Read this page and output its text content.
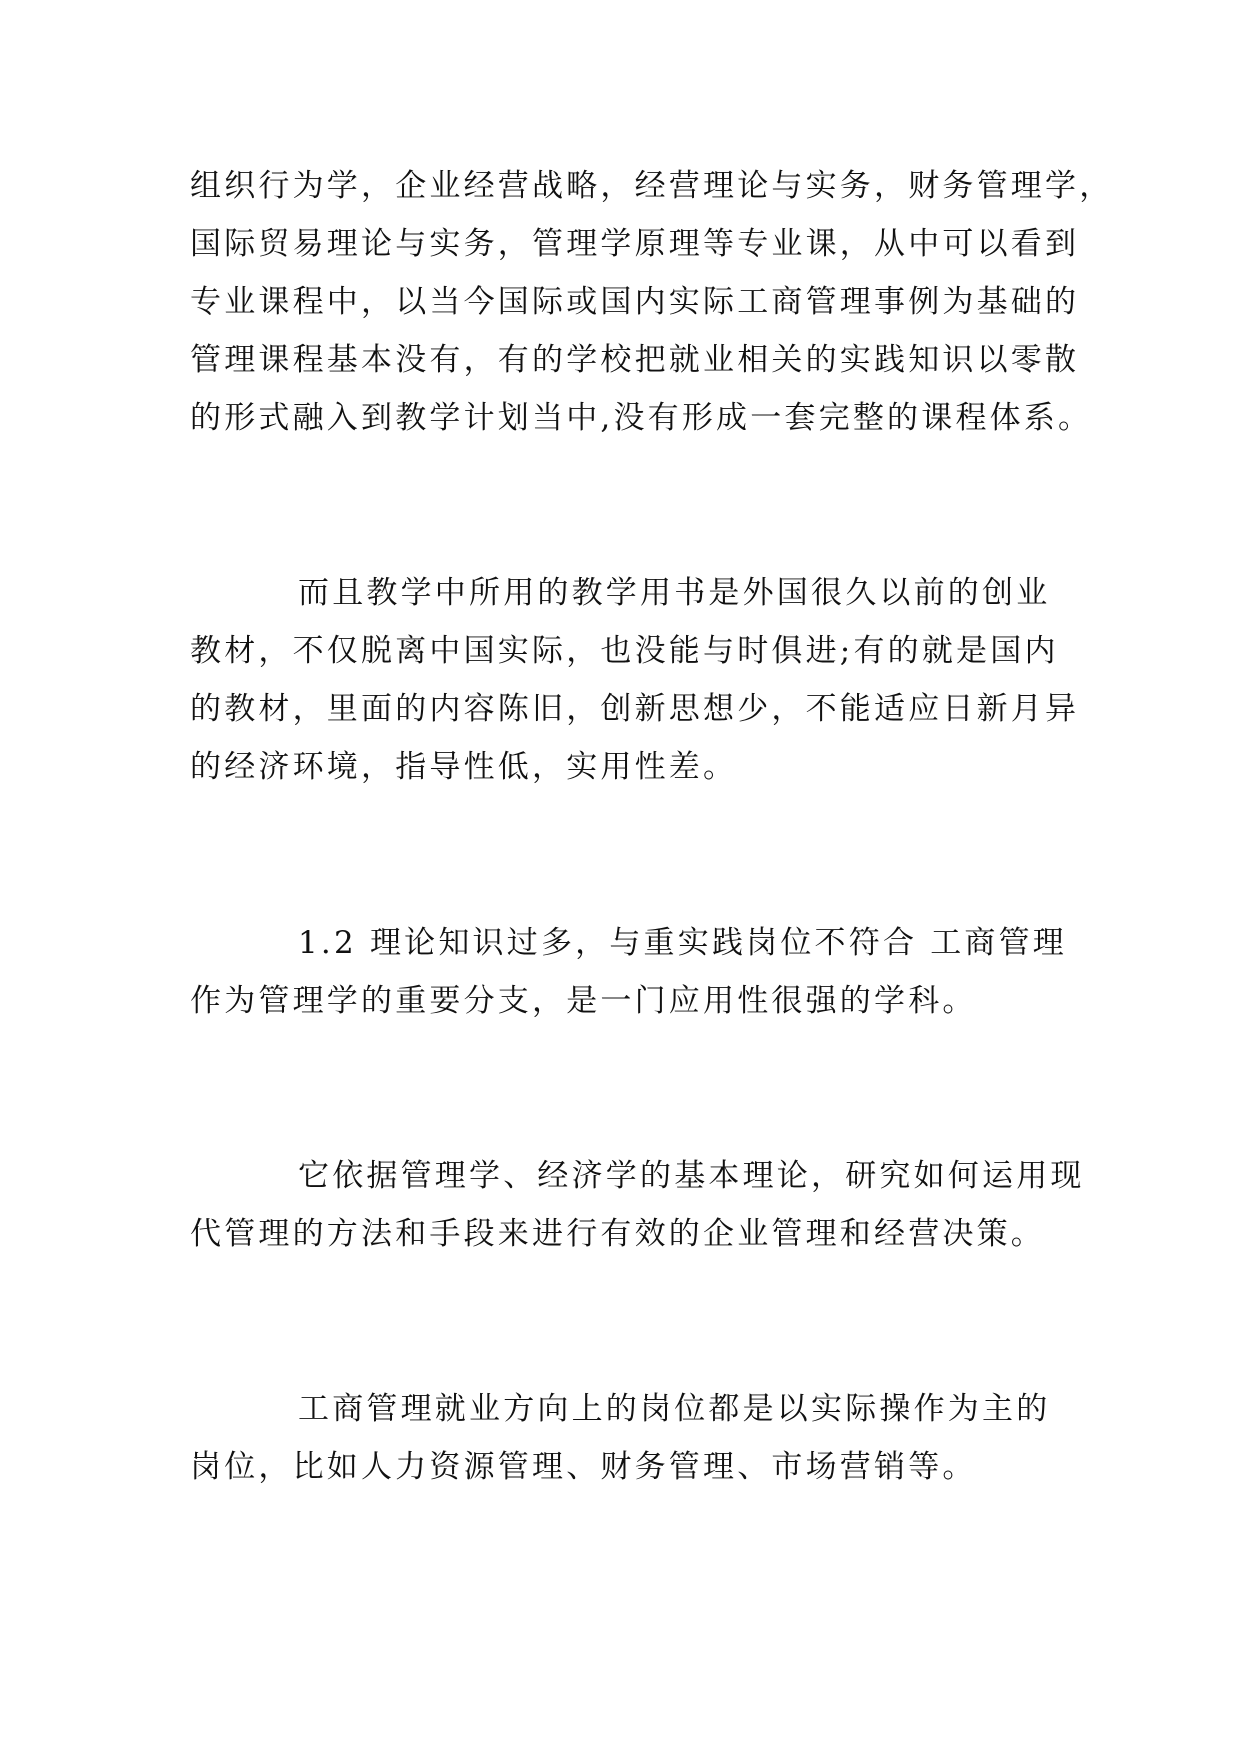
组织行为学，企业经营战略，经营理论与实务，财务管理学，
国际贸易理论与实务，管理学原理等专业课，从中可以看到
专业课程中，以当今国际或国内实际工商管理事例为基础的
管理课程基本没有，有的学校把就业相关的实践知识以零散
的形式融入到教学计划当中,没有形成一套完整的课程体系。
而且教学中所用的教学用书是外国很久以前的创业
教材，不仅脱离中国实际，也没能与时俱进;有的就是国内
的教材，里面的内容陈旧，创新思想少，不能适应日新月异
的经济环境，指导性低，实用性差。
1.2 理论知识过多，与重实践岗位不符合 工商管理
作为管理学的重要分支，是一门应用性很强的学科。
它依据管理学、经济学的基本理论，研究如何运用现
代管理的方法和手段来进行有效的企业管理和经营决策。
工商管理就业方向上的岗位都是以实际操作为主的
岗位，比如人力资源管理、财务管理、市场营销等。
